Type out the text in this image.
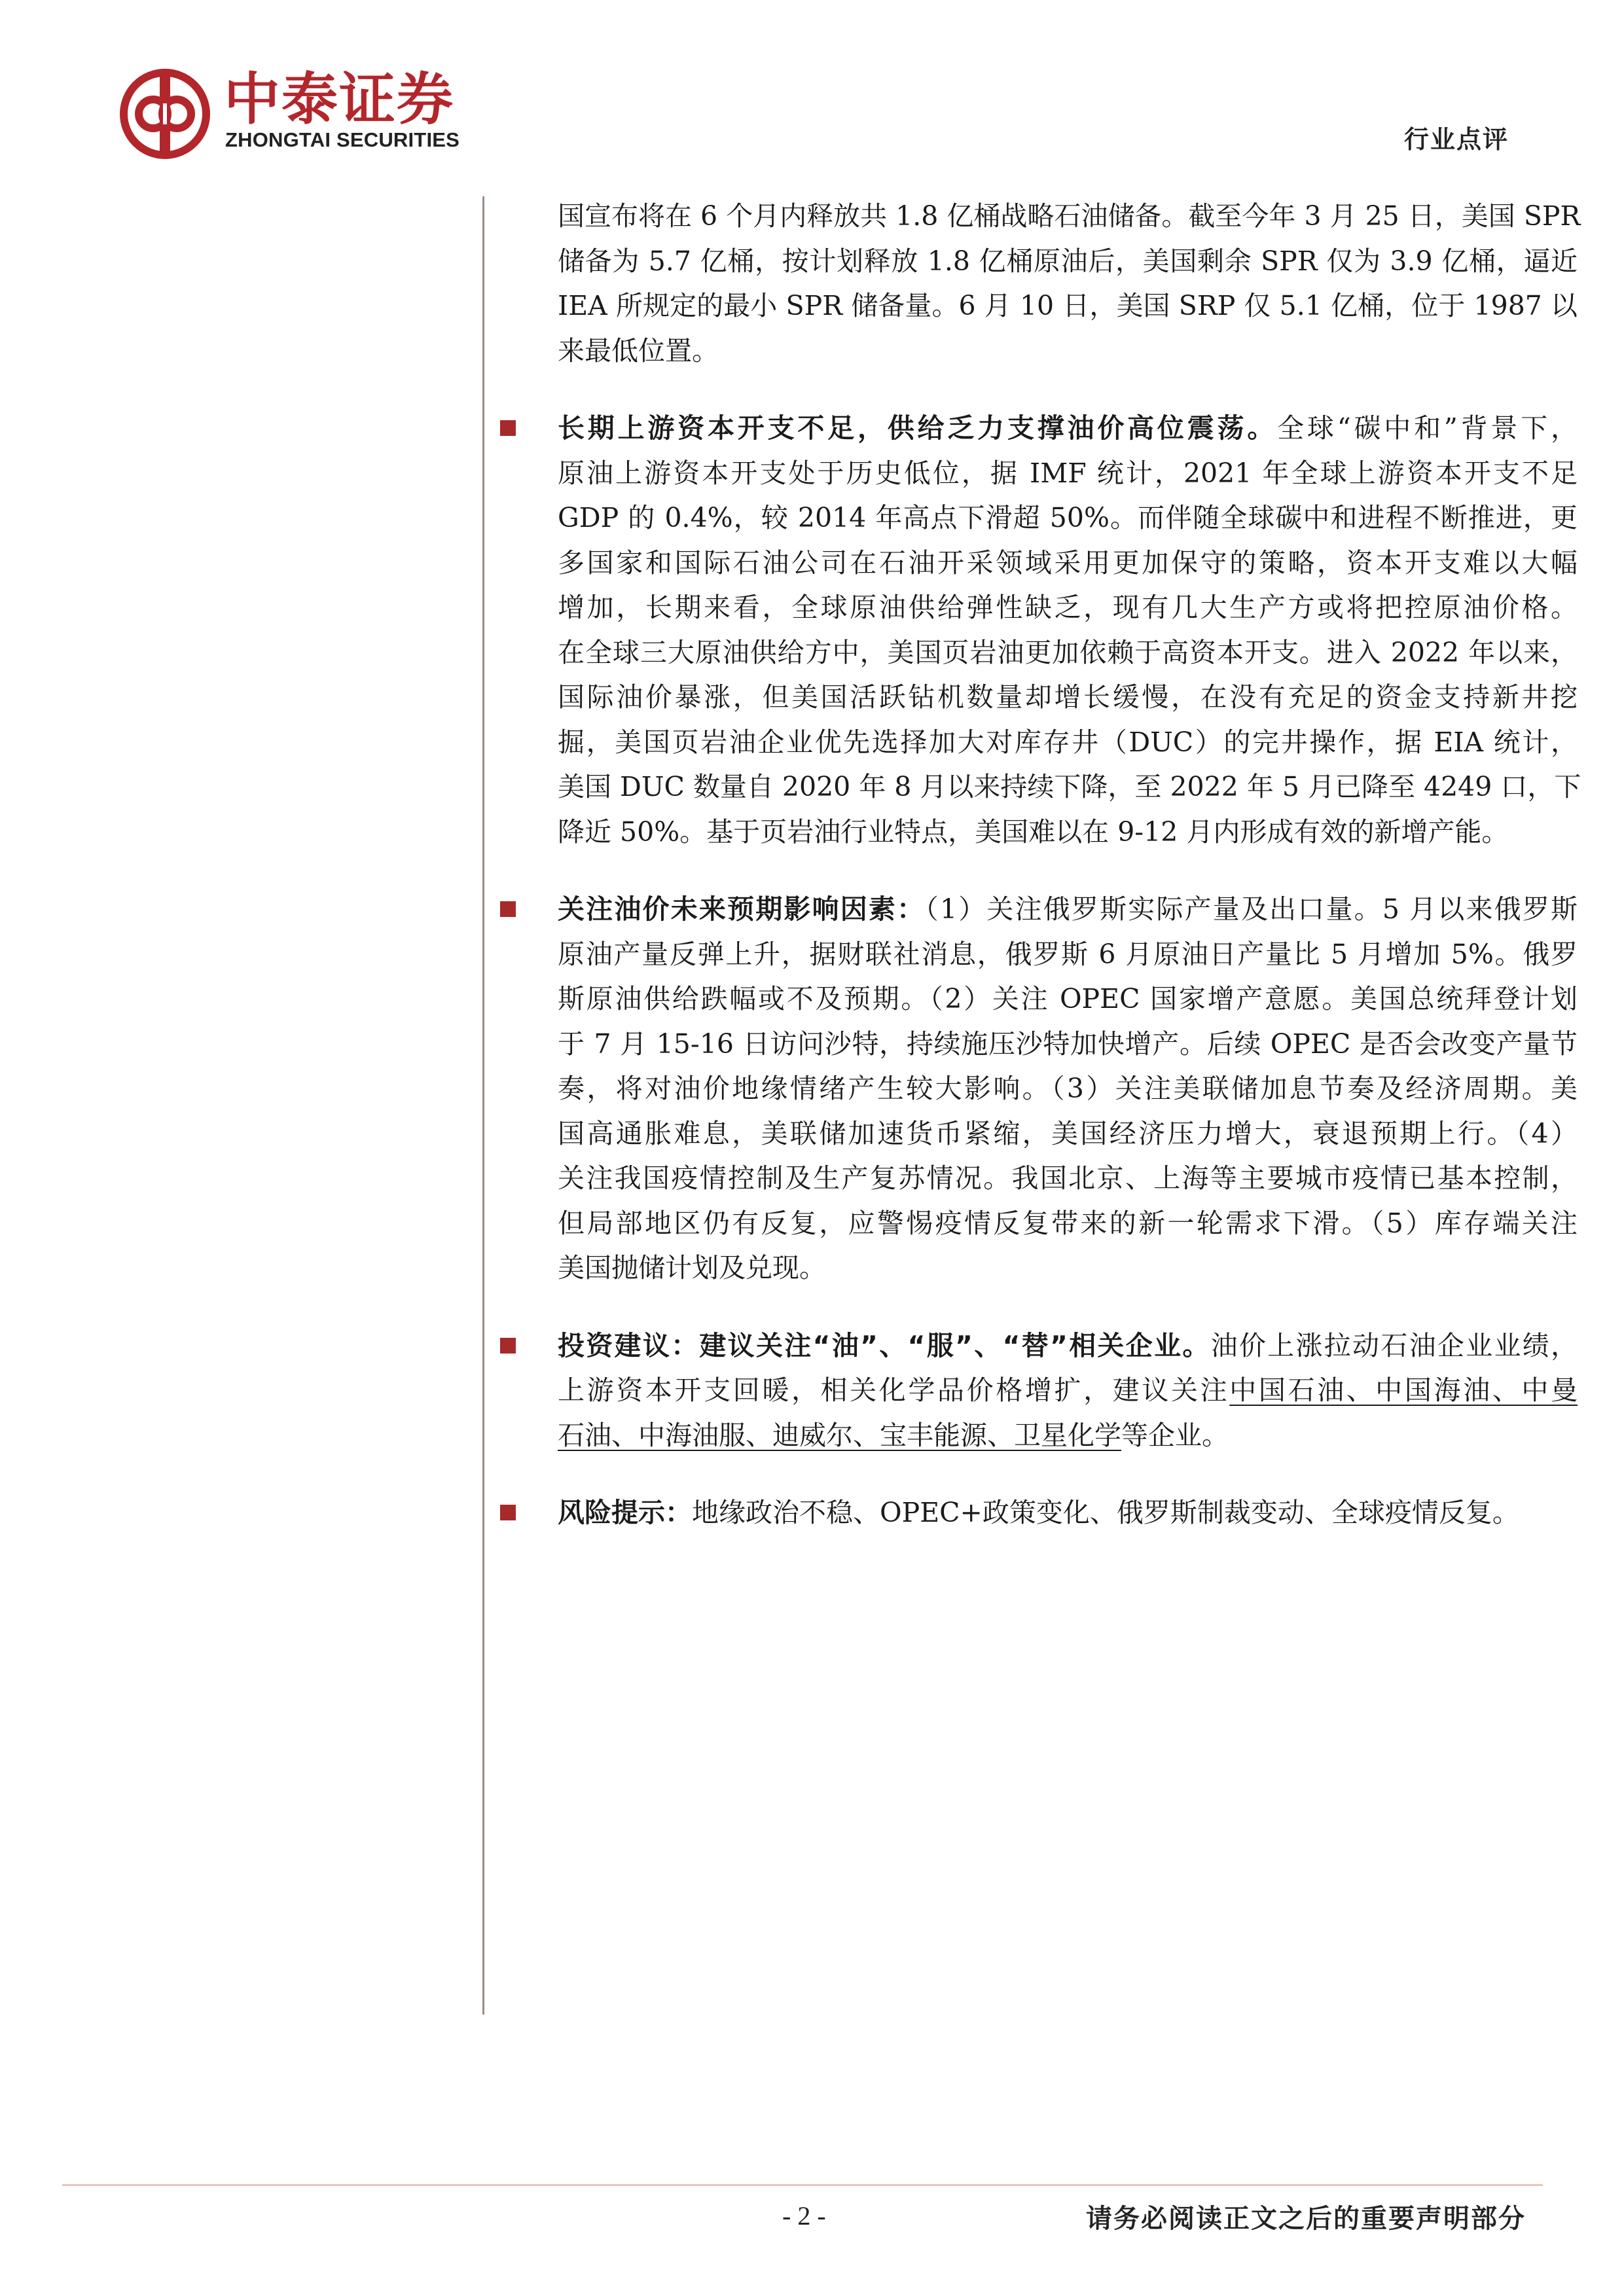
中泰证券
ZHONGTAI SECURITIES	行业点评
国宣布将在 6 个月内释放共 1.8 亿桶战略石油储备。截至今年 3 月 25 日，美国 SPR
储备为 5.7 亿桶，按计划释放 1.8 亿桶原油后，美国剩余 SPR 仅为 3.9 亿桶，逼近
IEA 所规定的最小 SPR 储备量。6 月 10 日，美国 SRP 仅 5.1 亿桶，位于 1987 以
来最低位置。
长期上游资本开支不足，供给乏力支撑油价高位震荡。全球“碳中和”背景下，
原油上游资本开支处于历史低位，据 IMF 统计，2021 年全球上游资本开支不足
GDP 的 0.4%，较 2014 年高点下滑超 50%。而伴随全球碳中和进程不断推进，更
多国家和国际石油公司在石油开采领域采用更加保守的策略，资本开支难以大幅
增加，长期来看，全球原油供给弹性缺乏，现有几大生产方或将把控原油价格。
在全球三大原油供给方中，美国页岩油更加依赖于高资本开支。进入 2022 年以来，
国际油价暴涨，但美国活跃钻机数量却增长缓慢，在没有充足的资金支持新井挖
掘，美国页岩油企业优先选择加大对库存井（DUC）的完井操作，据 EIA 统计，
美国 DUC 数量自 2020 年 8 月以来持续下降，至 2022 年 5 月已降至 4249 口，下
降近 50%。基于页岩油行业特点，美国难以在 9-12 月内形成有效的新增产能。
关注油价未来预期影响因素：（1）关注俄罗斯实际产量及出口量。5 月以来俄罗斯
原油产量反弹上升，据财联社消息，俄罗斯 6 月原油日产量比 5 月增加 5%。俄罗
斯原油供给跌幅或不及预期。（2）关注 OPEC 国家增产意愿。美国总统拜登计划
于 7 月 15-16 日访问沙特，持续施压沙特加快增产。后续 OPEC 是否会改变产量节
奏，将对油价地缘情绪产生较大影响。（3）关注美联储加息节奏及经济周期。美
国高通胀难息，美联储加速货币紧缩，美国经济压力增大，衰退预期上行。（4）
关注我国疫情控制及生产复苏情况。我国北京、上海等主要城市疫情已基本控制，
但局部地区仍有反复，应警惕疫情反复带来的新一轮需求下滑。（5）库存端关注
美国抛储计划及兑现。
投资建议：建议关注“油”、“服”、“替”相关企业。油价上涨拉动石油企业业绩，
上游资本开支回暖，相关化学品价格增扩，建议关注中国石油、中国海油、中曼
石油、中海油服、迪威尔、宝丰能源、卫星化学等企业。
风险提示：地缘政治不稳、OPEC+政策变化、俄罗斯制裁变动、全球疫情反复。
- 2 -	请务必阅读正文之后的重要声明部分
